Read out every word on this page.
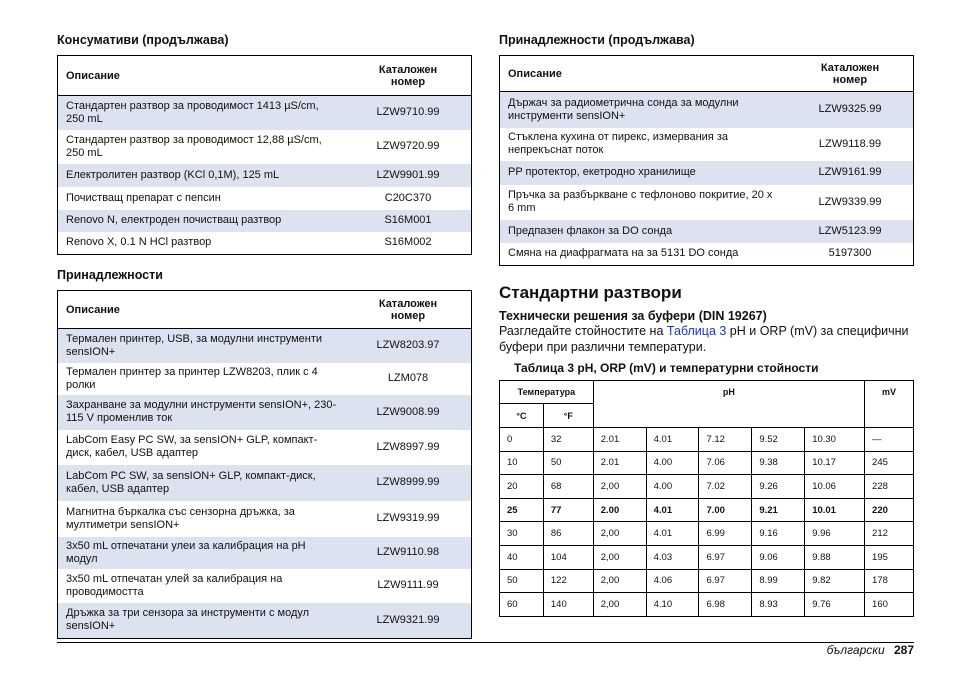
Консумативи (продължава)
Описание	Каталожен
номер
Стандартен разтвор за проводимост 1413 µS/cm, 250 mL	LZW9710.99
Стандартен разтвор за проводимост 12,88 µS/cm, 250 mL	LZW9720.99
Електролитен разтвор (KCl 0,1M), 125 mL	LZW9901.99
Почистващ препарат с пепсин	C20C370
Renovo N, електроден почистващ разтвор	S16M001
Renovo X, 0.1 N HCl разтвор	S16M002
Принадлежности
Описание	Каталожен
номер
Термален принтер, USB, за модулни инструменти sensION+	LZW8203.97
Термален принтер за принтер LZW8203, плик с 4 ролки	LZM078
Захранване за модулни инструменти sensION+, 230-115 V променлив ток	LZW9008.99
LabCom Easy PC SW, за sensION+ GLP, компакт-диск, кабел, USB адаптер	LZW8997.99
LabCom PC SW, за sensION+ GLP, компакт-диск, кабел, USB адаптер	LZW8999.99
Магнитна бъркалка със сензорна дръжка, за мултиметри sensION+	LZW9319.99
3x50 mL отпечатани улеи за калибрация на pH модул	LZW9110.98
3x50 mL отпечатан улей за калибрация на проводимостта	LZW9111.99
Дръжка за три сензора за инструменти с модул sensION+	LZW9321.99
Принадлежности (продължава)
Описание	Каталожен
номер
Държач за радиометрична сонда за модулни инструменти sensION+	LZW9325.99
Стъклена кухина от пирекс, измервания за непрекъснат поток	LZW9118.99
PP протектор, екетродно хранилище	LZW9161.99
Пръчка за разбъркване с тефлоново покритие, 20 x 6 mm	LZW9339.99
Предпазен флакон за DO сонда	LZW5123.99
Смяна на диафрагмата на за 5131 DO сонда	5197300
Стандартни разтвори
Технически решения за буфери (DIN 19267)

Разгледайте стойностите на Таблица 3 pH и ORP (mV) за специфични буфери при различни температури.

Таблица 3 pH, ORP (mV) и температурни стойности

Температура		pH					mV
°C	°F						
0	32	2.01	4.01	7.12	9.52	10.30	—
10	50	2.01	4.00	7.06	9.38	10.17	245
20	68	2,00	4.00	7.02	9.26	10.06	228
25	77	2.00	4.01	7.00	9.21	10.01	220
30	86	2,00	4.01	6.99	9.16	9.96	212
40	104	2,00	4.03	6.97	9.06	9.88	195
50	122	2,00	4.06	6.97	8.99	9.82	178
60	140	2,00	4.10	6.98	8.93	9.76	160
български 287
